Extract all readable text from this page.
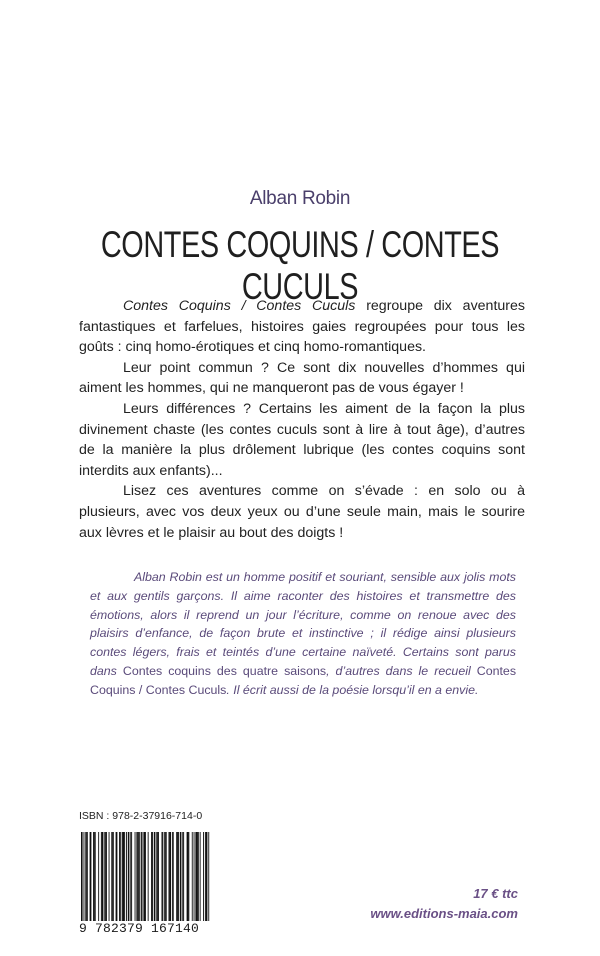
Alban Robin
CONTES COQUINS / CONTES CUCULS

Contes Coquins / Contes Cuculs regroupe dix aventures fantastiques et farfelues, histoires gaies regroupées pour tous les goûts : cinq homo-érotiques et cinq homo-romantiques.

Leur point commun ? Ce sont dix nouvelles d’hommes qui aiment les hommes, qui ne manqueront pas de vous égayer !

Leurs différences ? Certains les aiment de la façon la plus divinement chaste (les contes cuculs sont à lire à tout âge), d’autres de la manière la plus drôlement lubrique (les contes coquins sont interdits aux enfants)...

Lisez ces aventures comme on s’évade : en solo ou à plusieurs, avec vos deux yeux ou d’une seule main, mais le sourire aux lèvres et le plaisir au bout des doigts !

Alban Robin est un homme positif et souriant, sensible aux jolis mots et aux gentils garçons. Il aime raconter des histoires et transmettre des émotions, alors il reprend un jour l’écriture, comme on renoue avec des plaisirs d’enfance, de façon brute et instinctive ; il rédige ainsi plusieurs contes légers, frais et teintés d’une certaine naïveté. Certains sont parus dans Contes coquins des quatre saisons, d’autres dans le recueil Contes Coquins / Contes Cuculs. Il écrit aussi de la poésie lorsqu’il en a envie.

ISBN : 978-2-37916-714-0
9 782379 167140
17 € ttc
www.editions-maia.com
